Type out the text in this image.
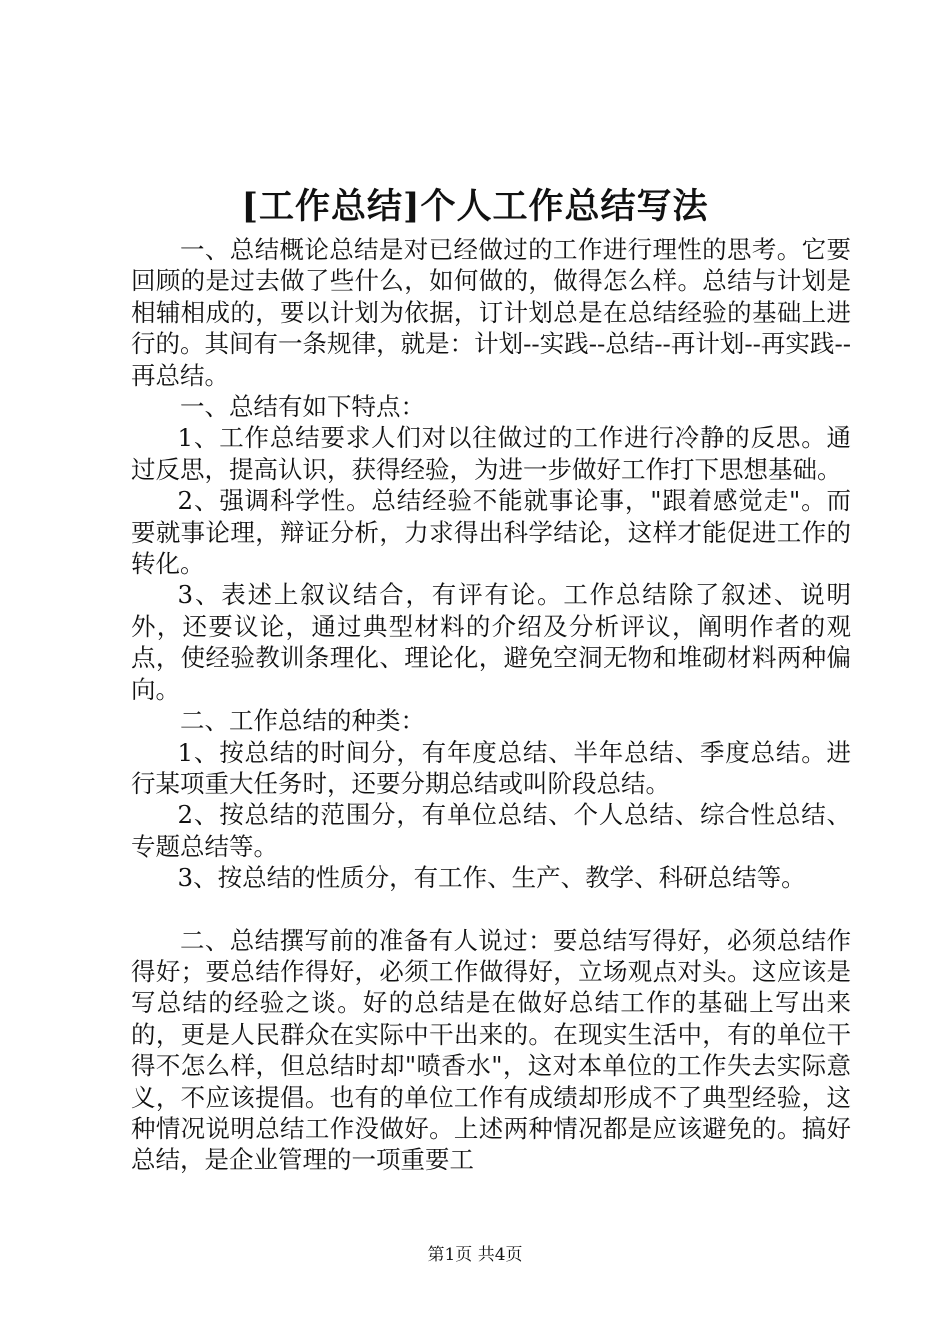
[工作总结]个人工作总结写法

一、总结概论总结是对已经做过的工作进行理性的思考。它要回顾的是过去做了些什么，如何做的，做得怎么样。总结与计划是相辅相成的，要以计划为依据，订计划总是在总结经验的基础上进行的。其间有一条规律，就是：计划--实践--总结--再计划--再实践--再总结。

一、总结有如下特点：

1、工作总结要求人们对以往做过的工作进行冷静的反思。通过反思，提高认识，获得经验，为进一步做好工作打下思想基础。

2、强调科学性。总结经验不能就事论事，"跟着感觉走"。而要就事论理，辩证分析，力求得出科学结论，这样才能促进工作的转化。

3、表述上叙议结合，有评有论。工作总结除了叙述、说明外，还要议论，通过典型材料的介绍及分析评议，阐明作者的观点，使经验教训条理化、理论化，避免空洞无物和堆砌材料两种偏向。

二、工作总结的种类：

1、按总结的时间分，有年度总结、半年总结、季度总结。进行某项重大任务时，还要分期总结或叫阶段总结。

2、按总结的范围分，有单位总结、个人总结、综合性总结、专题总结等。

3、按总结的性质分，有工作、生产、教学、科研总结等。

二、总结撰写前的准备有人说过：要总结写得好，必须总结作得好；要总结作得好，必须工作做得好，立场观点对头。这应该是写总结的经验之谈。好的总结是在做好总结工作的基础上写出来的，更是人民群众在实际中干出来的。在现实生活中，有的单位干得不怎么样，但总结时却"喷香水"，这对本单位的工作失去实际意义，不应该提倡。也有的单位工作有成绩却形成不了典型经验，这种情况说明总结工作没做好。上述两种情况都是应该避免的。搞好总结，是企业管理的一项重要工

第1页 共4页
